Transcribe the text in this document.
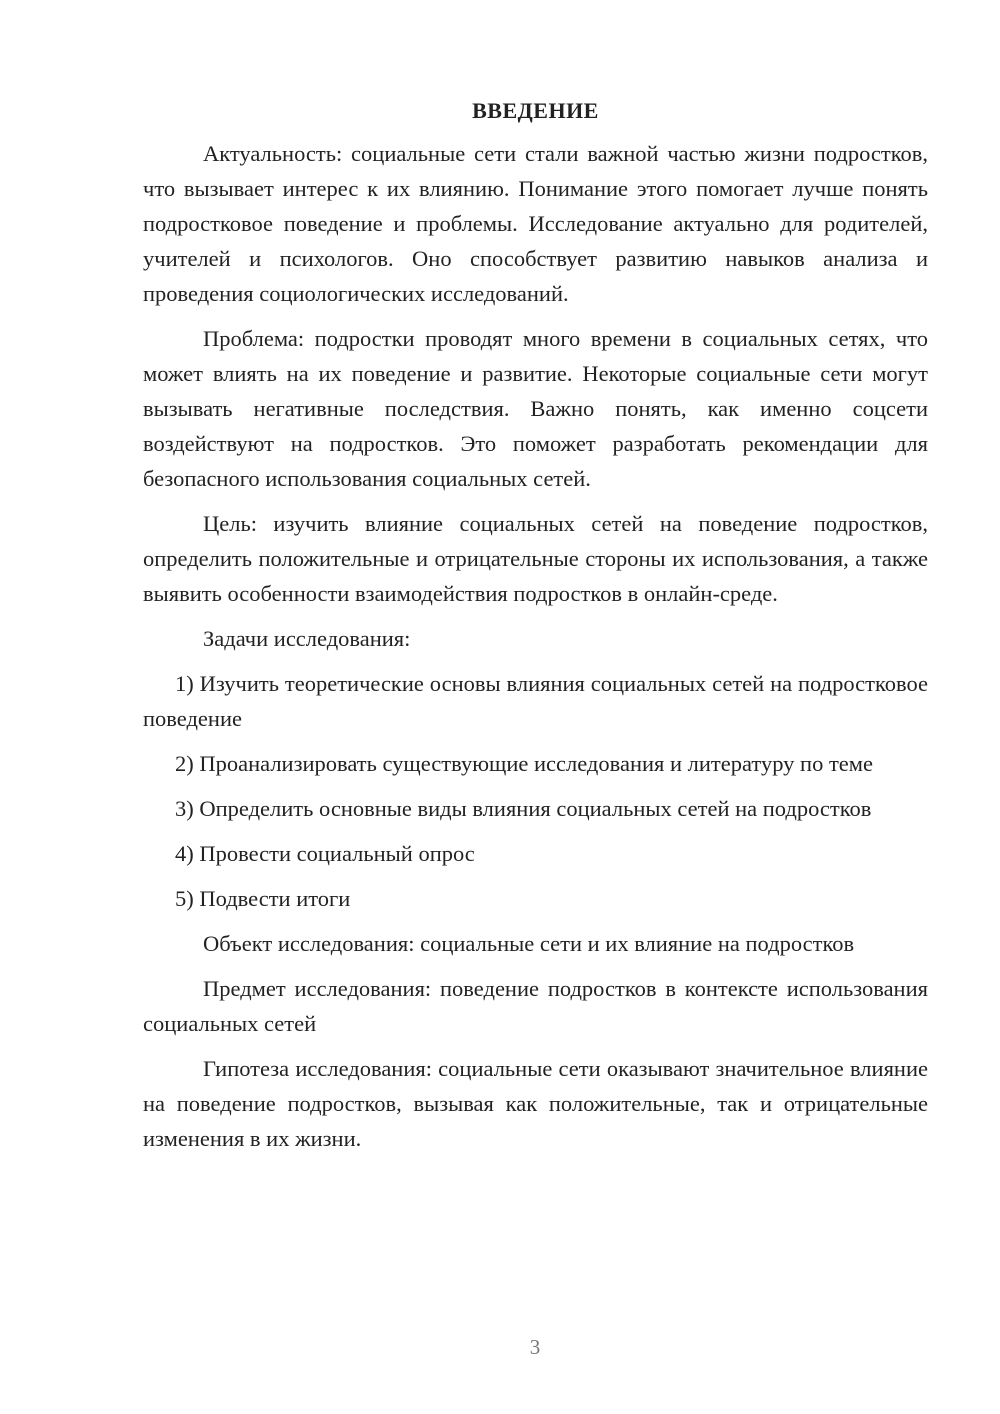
ВВЕДЕНИЕ

Актуальность: социальные сети стали важной частью жизни подростков, что вызывает интерес к их влиянию. Понимание этого помогает лучше понять подростковое поведение и проблемы. Исследование актуально для родителей, учителей и психологов. Оно способствует развитию навыков анализа и проведения социологических исследований.

Проблема: подростки проводят много времени в социальных сетях, что может влиять на их поведение и развитие. Некоторые социальные сети могут вызывать негативные последствия. Важно понять, как именно соцсети воздействуют на подростков. Это поможет разработать рекомендации для безопасного использования социальных сетей.

Цель: изучить влияние социальных сетей на поведение подростков, определить положительные и отрицательные стороны их использования, а также выявить особенности взаимодействия подростков в онлайн-среде.

Задачи исследования:

1) Изучить теоретические основы влияния социальных сетей на подростковое поведение

2) Проанализировать существующие исследования и литературу по теме

3) Определить основные виды влияния социальных сетей на подростков

4) Провести социальный опрос

5) Подвести итоги

Объект исследования: социальные сети и их влияние на подростков

Предмет исследования: поведение подростков в контексте использования социальных сетей

Гипотеза исследования: социальные сети оказывают значительное влияние на поведение подростков, вызывая как положительные, так и отрицательные изменения в их жизни.

3
